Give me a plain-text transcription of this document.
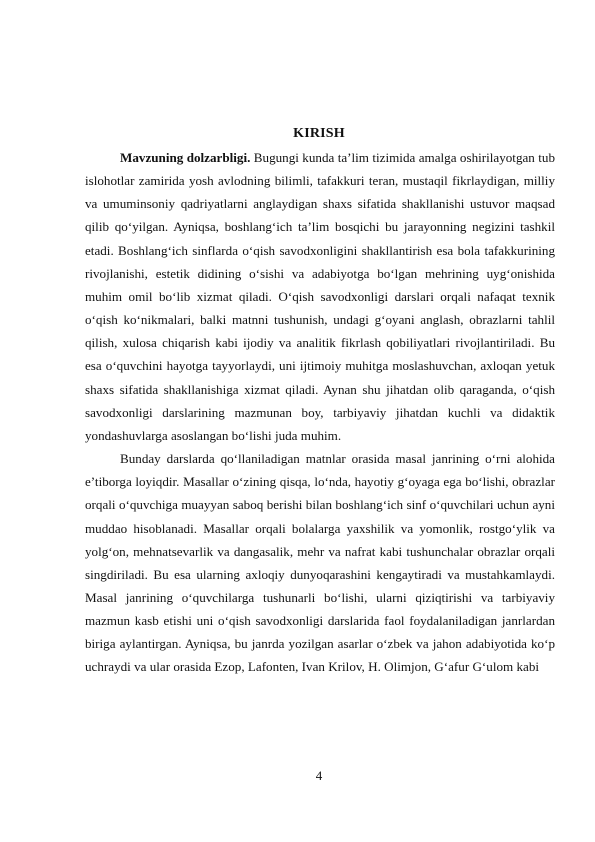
KIRISH

Mavzuning dolzarbligi. Bugungi kunda ta’lim tizimida amalga oshirilayotgan tub islohotlar zamirida yosh avlodning bilimli, tafakkuri teran, mustaqil fikrlaydigan, milliy va umuminsoniy qadriyatlarni anglaydigan shaxs sifatida shakllanishi ustuvor maqsad qilib qo‘yilgan. Ayniqsa, boshlang‘ich ta’lim bosqichi bu jarayonning negizini tashkil etadi. Boshlang‘ich sinflarda o‘qish savodxonligini shakllantirish esa bola tafakkurining rivojlanishi, estetik didining o‘sishi va adabiyotga bo‘lgan mehrining uyg‘onishida muhim omil bo‘lib xizmat qiladi. O‘qish savodxonligi darslari orqali nafaqat texnik o‘qish ko‘nikmalari, balki matnni tushunish, undagi g‘oyani anglash, obrazlarni tahlil qilish, xulosa chiqarish kabi ijodiy va analitik fikrlash qobiliyatlari rivojlantiriladi. Bu esa o‘quvchini hayotga tayyorlaydi, uni ijtimoiy muhitga moslashuvchan, axloqan yetuk shaxs sifatida shakllanishiga xizmat qiladi. Aynan shu jihatdan olib qaraganda, o‘qish savodxonligi darslarining mazmunan boy, tarbiyaviy jihatdan kuchli va didaktik yondashuvlarga asoslangan bo‘lishi juda muhim.

Bunday darslarda qo‘llaniladigan matnlar orasida masal janrining o‘rni alohida e’tiborga loyiqdir. Masallar o‘zining qisqa, lo‘nda, hayotiy g‘oyaga ega bo‘lishi, obrazlar orqali o‘quvchiga muayyan saboq berishi bilan boshlang‘ich sinf o‘quvchilari uchun ayni muddao hisoblanadi. Masallar orqali bolalarga yaxshilik va yomonlik, rostgo‘ylik va yolg‘on, mehnatsevarlik va dangasalik, mehr va nafrat kabi tushunchalar obrazlar orqali singdiriladi. Bu esa ularning axloqiy dunyoqarashini kengaytiradi va mustahkamlaydi. Masal janrining o‘quvchilarga tushunarli bo‘lishi, ularni qiziqtirishi va tarbiyaviy mazmun kasb etishi uni o‘qish savodxonligi darslarida faol foydalaniladigan janrlardan biriga aylantirgan. Ayniqsa, bu janrda yozilgan asarlar o‘zbek va jahon adabiyotida ko‘p uchraydi va ular orasida Ezop, Lafonten, Ivan Krilov, H. Olimjon, G‘afur G‘ulom kabi

4
